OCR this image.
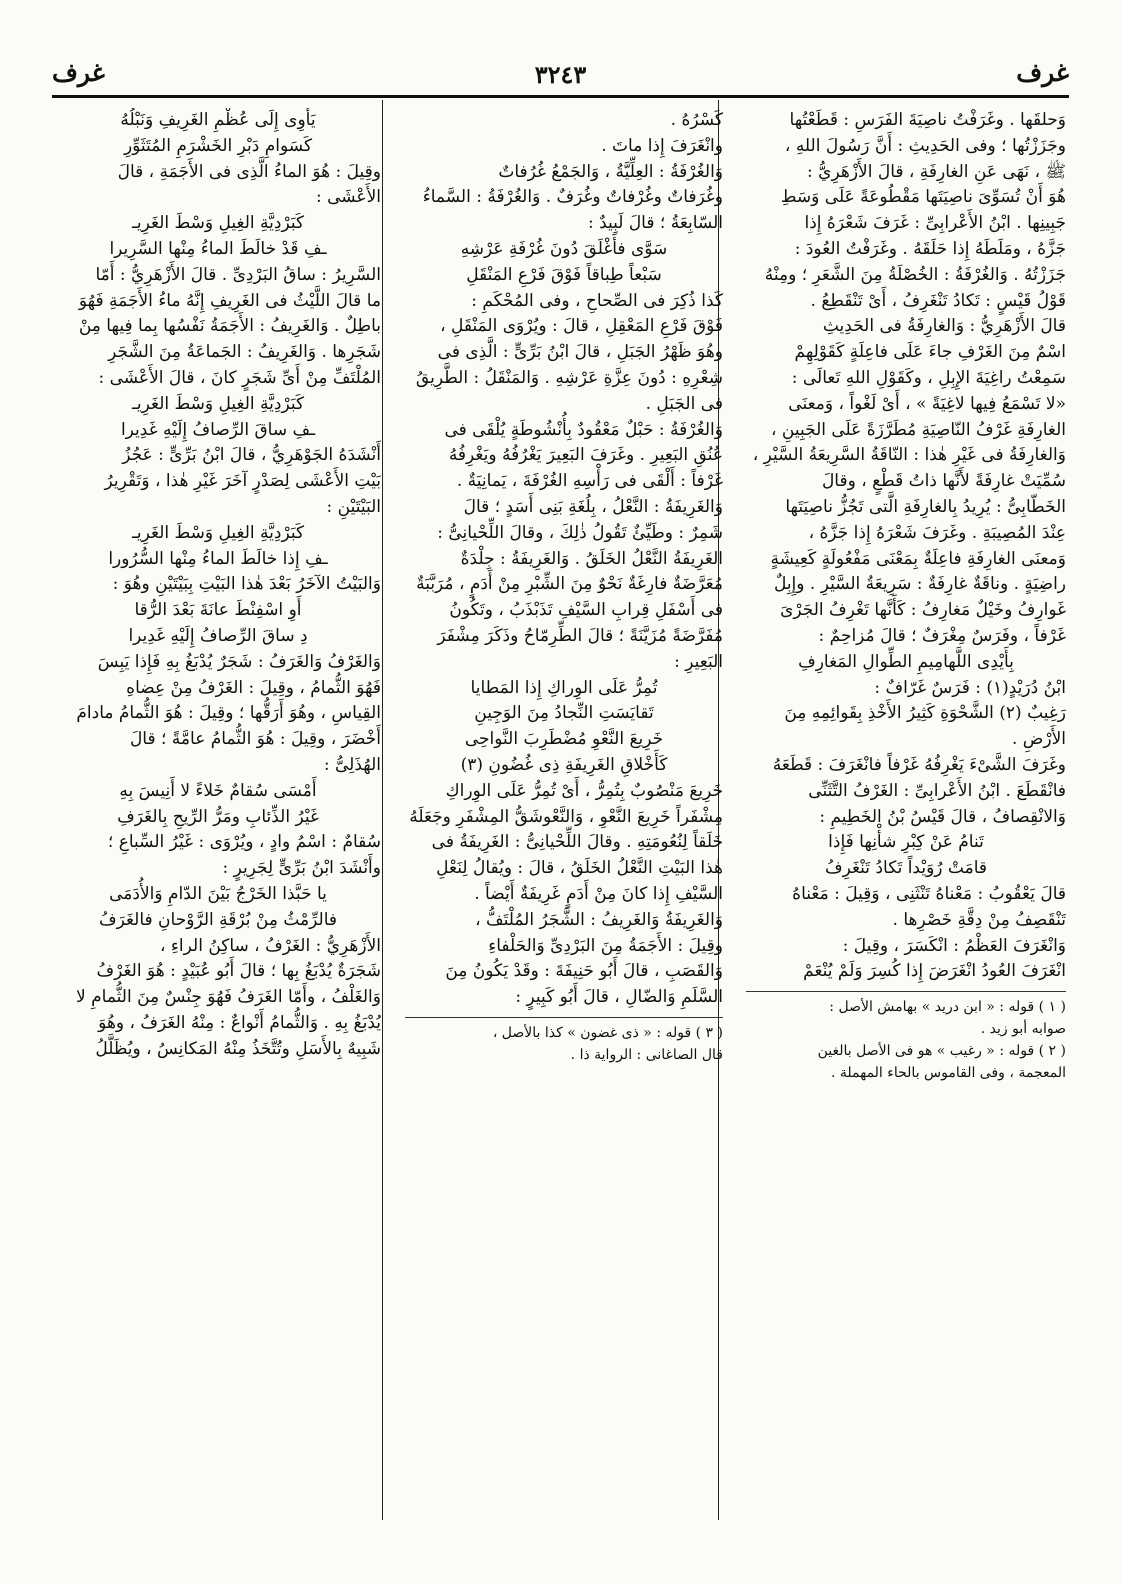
غرف
٣٢٤٣
غرف

وَحلقَها . وغَرَفْتُ ناصِيَةَ الفَرَسِ : قَطَعْتُها

وجَزَزْتُها ؛ وفى الحَدِيثِ : أَنَّ رَسُولَ اللهِ ،

ﷺ ، نَهَى عَنِ الغارِفَةِ ، قالَ الأَزْهَرِيُّ :

هُوَ أَنْ تُسَوِّىَ ناصِيَتَها مَقْطُوعَةً عَلَى وَسَطِ

جَبِينِها . ابْنُ الأَعْرابِىِّ : غَرَفَ شَعْرَهُ إِذا

جَزَّهُ ، ومَلَطَهُ إِذا حَلَقَهُ . وغَرَفْتُ العُودَ :

جَزَزْتُهُ . وَالغُرْفَةُ : الخُصْلَةُ مِنَ الشَّعَرِ ؛ ومِنْهُ

قَوْلُ قَيْسٍ : تَكادُ تَنْغَرِفُ ، أَىْ تَنْقَطِعُ .

قالَ الأَزْهَرِيُّ : وَالغارِفَةُ فى الحَدِيثِ

اسْمٌ مِنَ الغَرْفِ جاءَ عَلَى فاعِلَةٍ كَقَوْلِهِمْ

سَمِعْتُ راغِيَةَ الإِبِلِ ، وكَقَوْلِ اللهِ تَعالَى :

«لا تَسْمَعُ فِيها لاغِيَةً » ، أَىْ لَغْواً ، وَمعنَى

الغارِفَةِ غَرْفُ النّاصِيَةِ مُطَرَّزَةً عَلَى الجَبِينِ ،

وَالغارِفَةُ فى غَيْرِ هٰذا : النّاقَةُ السَّرِيعَةُ السَّيْرِ ،

سُمِّيَتْ غارِفَةً لأَنَّها ذاتُ قَطْعٍ ، وقالَ

الخَطّابِىُّ : يُرِيدُ بِالغارِفَةِ الَّتى تَجُزُّ ناصِيَتَها

عِنْدَ المُصِيبَةِ . وغَرَفَ شَعْرَهُ إِذا جَزَّهُ ،

وَمعنَى الغارِفَةِ فاعِلَةٌ بِمَعْنَى مَفْعُولَةٍ كَعِيشَةٍ

راضِيَةٍ . وناقَةٌ غارِفَةٌ : سَرِيعَةُ السَّيْرِ . وإِبِلٌ

غَوارِفُ وخَيْلٌ مَغارِفُ : كَأَنَّها تَغْرِفُ الجَرْىَ

غَرْفاً ، وفَرَسٌ مِغْرَفٌ ؛ قالَ مُزاحِمٌ :

بِأَيْدِى اللَّهامِيمِ الطِّوالِ المَغارِفِ

ابْنُ دُرَيْدٍ(١) : فَرَسٌ غَرّافٌ :

رَغِيبٌ (٢) الشَّحْوَةِ كَثِيرُ الأَخْذِ بِقَوائِمِهِ مِنَ

الأَرْضِ .

وغَرَفَ الشَّىْءَ يَغْرِفُهُ غَرْفاً فانْغَرَفَ : قَطَعَهُ

فانْقَطَعَ . ابْنُ الأَعْرابِىِّ : الغَرْفُ التَّثَنِّى

وَالانْقِصافُ ، قالَ قَيْسُ بْنُ الخَطِيمِ :

تَنامُ عَنْ كِبْرِ شأْنِها فَإِذا

قامَتْ رُوَيْداً تَكادُ تَنْغَرِفُ

قالَ يَعْقُوبُ : مَعْناهُ تَنْثَنِى ، وَقِيلَ : مَعْناهُ

تَنْقَصِفُ مِنْ دِقَّةِ خَصْرِها .

وَانْغَرَفَ العَظْمُ : انْكَسَرَ ، وقِيلَ :

انْغَرَفَ العُودُ انْغَرَضَ إِذا كُسِرَ وَلَمْ يُنْعَمْ

( ١ ) قوله : « ابن دريد » بهامش الأصل :

صوابه أبو زيد .

( ٢ ) قوله : « رغيب » هو فى الأصل بالغين

المعجمة ، وفى القاموس بالحاء المهملة .

كَسْرُهُ .

وانْغَرَفَ إِذا ماتَ .

وَالغُرْفَةُ : العِلِّيَّةُ ، وَالجَمْعُ غُرُفاتٌ

وغُرَفاتٌ وغُرْفاتٌ وغُرَفٌ . وَالغُرْفَةُ : السَّماءُ

السّابِعَةُ ؛ قالَ لَبِيدٌ :

سَوَّى فأَغْلَقَ دُونَ غُرْفَةِ عَرْشِهِ

سَبْعاً طِباقاً فَوْقَ فَرْعِ المَنْقَلِ

كَذا ذُكِرَ فى الصِّحاحِ ، وفى المُحْكَمِ :

فَوْقَ فَرْعِ المَعْقِلِ ، قالَ : ويُرْوَى المَنْقَلِ ،

وهُوَ ظَهْرُ الجَبَلِ ، قالَ ابْنُ بَرِّىٍّ : الَّذِى فى

شِعْرِهِ : دُونَ عِزَّةِ عَرْشِهِ . وَالمَنْقَلُ : الطَّرِيقُ

فى الجَبَلِ .

وَالغُرْفَةُ : حَبْلٌ مَعْقُودٌ بِأُنْشُوطَةٍ يُلْقَى فى

عُنُقِ البَعِيرِ . وغَرَفَ البَعِيرَ يَغْرُفُهُ ويَغْرِفُهُ

غَرْفاً : أَلْقَى فى رَأْسِهِ الغُرْفَةَ ، يَمانِيَةٌ .

وَالغَرِيفَةُ : النَّعْلُ ، بِلُغَةِ بَنِى أَسَدٍ ؛ قالَ

شَمِرٌ : وطَيِّئٌ تَقُولُ ذٰلِكَ ، وقالَ اللِّحْيانِىُّ :

الغَرِيفَةُ النَّعْلُ الخَلَقُ . وَالغَرِيفَةُ : جِلْدَةٌ

مُعَرَّضَةٌ فارِغَةٌ نَحْوٌ مِنَ الشِّبْرِ مِنْ أَدَمٍ ، مُرَبَّبَةٌ

فى أَسْفَلِ قِرابِ السَّيْفِ تَذَبْذَبُ ، وتَكُونُ

مُفَرَّضَةً مُزَيَّنَةً ؛ قالَ الطِّرِمّاحُ وذَكَرَ مِشْفَرَ

البَعِيرِ :

تُمِرُّ عَلَى الوِراكِ إِذا المَطايا

تَقايَسَتِ النِّجادُ مِنَ الوَجِينِ

خَرِيعَ النَّعْوِ مُضْطَرِبَ النَّواحِى

كَأَخْلاقِ الغَرِيفَةِ ذِى غُضُونِ (٣)

خَرِيعَ مَنْصُوبٌ بِتُمِرُّ ، أَىْ تُمِرُّ عَلَى الوِراكِ

مِشْفَراً خَرِيعَ النَّعْوِ ، وَالنَّعْوشَقُّ المِشْفَرِ وجَعَلَهُ

خَلَقاً لِنُعُومَتِهِ . وقالَ اللِّحْيانِىُّ : الغَرِيفَةُ فى

هٰذا البَيْتِ النَّعْلُ الخَلَقُ ، قالَ : ويُقالُ لِنَعْلِ

السَّيْفِ إِذا كانَ مِنْ أَدَمٍ غَرِيفَةٌ أَيْضاً .

وَالغَرِيفَةُ وَالغَرِيفُ : الشَّجَرُ المُلْتَفُّ ،

وقِيلَ : الأَجَمَةُ مِنَ البَرْدِىِّ وَالحَلْفاءِ

وَالقَصَبِ ، قالَ أَبُو حَنِيفَةَ : وقَدْ يَكُونُ مِنَ

السَّلَمِ وَالضّالِ ، قالَ أَبُو كَبِيرٍ :

( ٣ ) قوله : « ذى غضون » كذا بالأصل ،

قال الصاغانى : الرواية ذا .

يَأْوِى إِلَى عُظْمِ الغَرِيفِ وَنَبْلُهُ

كَسَوامِ دَبْرِ الخَشْرَمِ المُتَثَوِّرِ

وقِيلَ : هُوَ الماءُ الَّذِى فى الأَجَمَةِ ، قالَ

الأَعْشَى :

كَبَرْدِيَّةِ الغِيلِ وَسْطَ الغَرِيـ

ـفِ قَدْ خالَطَ الماءُ مِنْها السَّرِيرا

السَّرِيرُ : ساقُ البَرْدِىِّ . قالَ الأَزْهَرِيُّ : أَمّا

ما قالَ اللَّيْثُ فى الغَرِيفِ إِنَّهُ ماءُ الأَجَمَةِ فَهُوَ

باطِلٌ . وَالغَرِيفُ : الأَجَمَةُ نَفْسُها بِما فِيها مِنْ

شَجَرِها . وَالغَرِيفُ : الجَماعَةُ مِنَ الشَّجَرِ

المُلْتَفِّ مِنْ أَىِّ شَجَرٍ كانَ ، قالَ الأَعْشَى :

كَبَرْدِيَّةِ الغِيلِ وَسْطَ الغَرِيـ

ـفِ ساقَ الرِّصافُ إِلَيْهِ غَدِيرا

أَنْشَدَهُ الجَوْهَرِيُّ ، قالَ ابْنُ بَرِّىٍّ : عَجُزُ

بَيْتِ الأَعْشَى لِصَدْرٍ آخَرَ غَيْرِ هٰذا ، وَتَقْرِيرُ

البَيْتَيْنِ :

كَبَرْدِيَّةِ الغِيلِ وَسْطَ الغَرِيـ

ـفِ إِذا خالَطَ الماءُ مِنْها السُّرُورا

وَالبَيْتُ الآخَرُ بَعْدَ هٰذا البَيْتِ بِبَيْتَيْنِ وهُوَ :

أَوِ اسْفِنْطَ عانَةَ بَعْدَ الرُّقا

دِ ساقَ الرِّصافُ إِلَيْهِ غَدِيرا

وَالغَرْفُ وَالغَرَفُ : شَجَرٌ يُدْبَغُ بِهِ فَإِذا يَبِسَ

فَهُوَ الثُّمامُ ، وقِيلَ : الغَرْفُ مِنْ عِضاهِ

القِياسِ ، وهُوَ أَرَقُّها ؛ وقِيلَ : هُوَ الثُّمامُ مادامَ

أَخْضَرَ ، وقِيلَ : هُوَ الثُّمامُ عامَّةً ؛ قالَ

الهُذَلِىُّ :

أَمْسَى سُقامٌ خَلاءً لا أَنِيسَ بِهِ

غَيْرُ الذِّئابِ ومَرُّ الرِّيحِ بِالغَرَفِ

سُقامٌ : اسْمُ وادٍ ، ويُرْوَى : غَيْرُ السِّباعِ ؛

وأَنْشَدَ ابْنُ بَرِّىٍّ لِجَرِيرٍ :

يا حَبَّذا الخَرْجُ بَيْنَ الدّامِ وَالأُدَمَى

فالرِّمْثُ مِنْ بُرْقَةِ الرَّوْحانِ فالغَرَفُ

الأَزْهَرِيُّ : الغَرْفُ ، ساكِنُ الراءِ ،

شَجَرَةٌ يُدْبَغُ بِها ؛ قالَ أَبُو عُبَيْدٍ : هُوَ الغَرْفُ

وَالغَلْفُ ، وأَمّا الغَرَفُ فَهُوَ جِنْسٌ مِنَ الثُّمامِ لا

يُدْبَغُ بِهِ . وَالثُّمامُ أَنْواعٌ : مِنْهُ الغَرَفُ ، وهُوَ

شَبِيهٌ بِالأَسَلِ وتُتَّخَذُ مِنْهُ المَكانِسُ ، ويُظَلَّلُ
